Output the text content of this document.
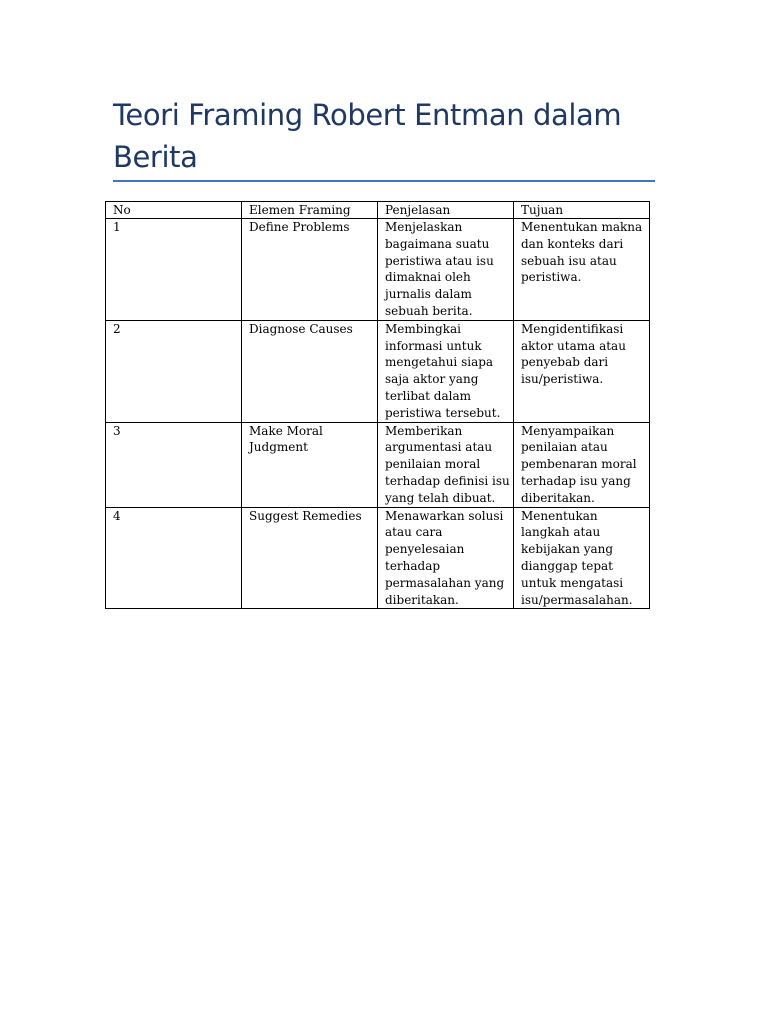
Teori Framing Robert Entman dalam Berita
No	Elemen Framing	Penjelasan	Tujuan
1	Define Problems	Menjelaskan bagaimana suatu peristiwa atau isu dimaknai oleh jurnalis dalam sebuah berita.	Menentukan makna dan konteks dari sebuah isu atau peristiwa.
2	Diagnose Causes	Membingkai informasi untuk mengetahui siapa saja aktor yang terlibat dalam peristiwa tersebut.	Mengidentifikasi aktor utama atau penyebab dari isu/peristiwa.
3	Make Moral Judgment	Memberikan argumentasi atau penilaian moral terhadap definisi isu yang telah dibuat.	Menyampaikan penilaian atau pembenaran moral terhadap isu yang diberitakan.
4	Suggest Remedies	Menawarkan solusi atau cara penyelesaian terhadap permasalahan yang diberitakan.	Menentukan langkah atau kebijakan yang dianggap tepat untuk mengatasi isu/permasalahan.
